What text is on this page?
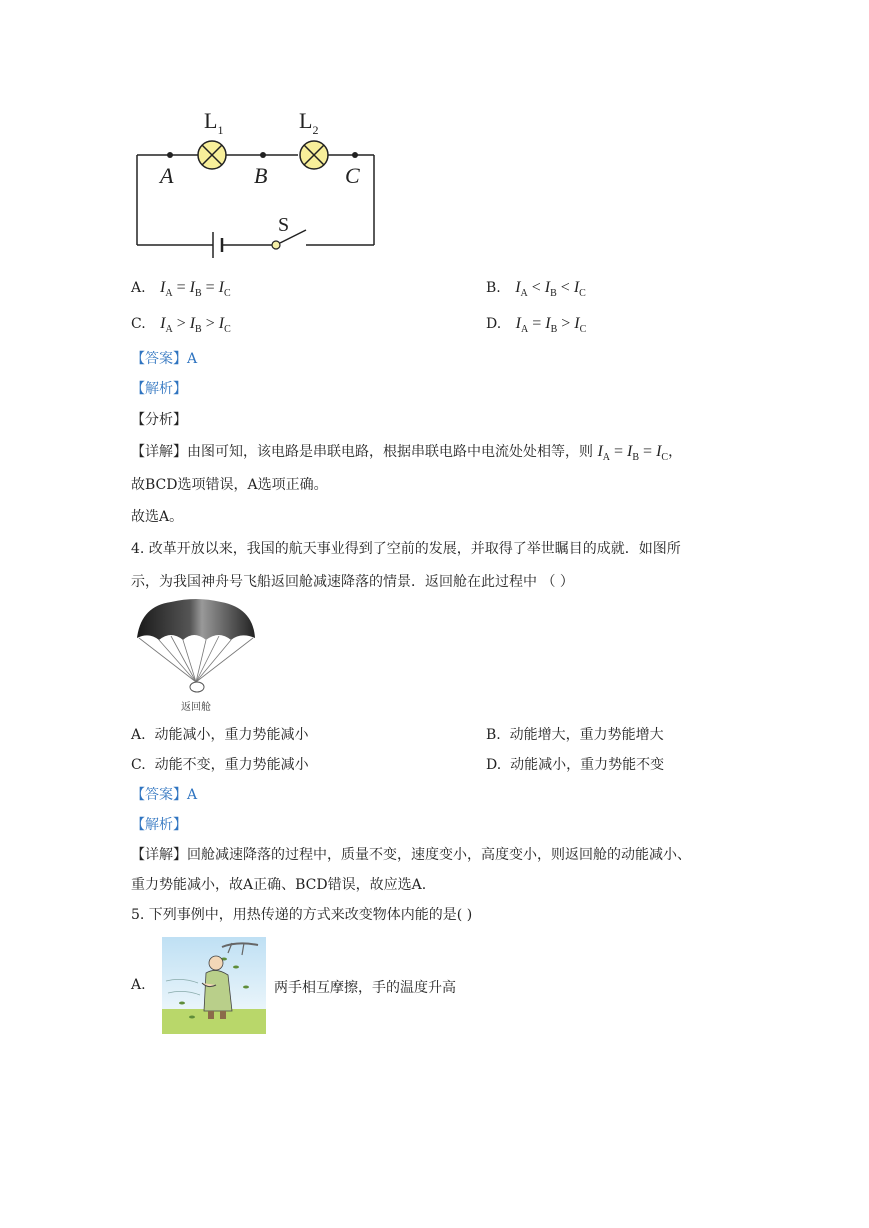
$L_1$	$L_2$
A	B	C
S
A. $I_A = I_B = I_C$	B. $I_A < I_B < I_C$
C. $I_A > I_B > I_C$	D. $I_A = I_B > I_C$
【答案】A
【解析】
【分析】
【详解】由图可知，该电路是串联电路，根据串联电路中电流处处相等，则 $I_A = I_B = I_C$，
故BCD选项错误，A选项正确。
故选A。
4. 改革开放以来，我国的航天事业得到了空前的发展，并取得了举世瞩目的成就．如图所
示，为我国神舟号飞船返回舱减速降落的情景．返回舱在此过程中 （ ）
返回舱
A. 动能减小，重力势能减小	B. 动能增大，重力势能增大
C. 动能不变，重力势能减小	D. 动能减小，重力势能不变
【答案】A
【解析】
【详解】回舱减速降落的过程中，质量不变，速度变小，高度变小，则返回舱的动能减小、
重力势能减小，故A正确、BCD错误，故应选A.
5. 下列事例中，用热传递的方式来改变物体内能的是( )
A.	两手相互摩擦，手的温度升高
